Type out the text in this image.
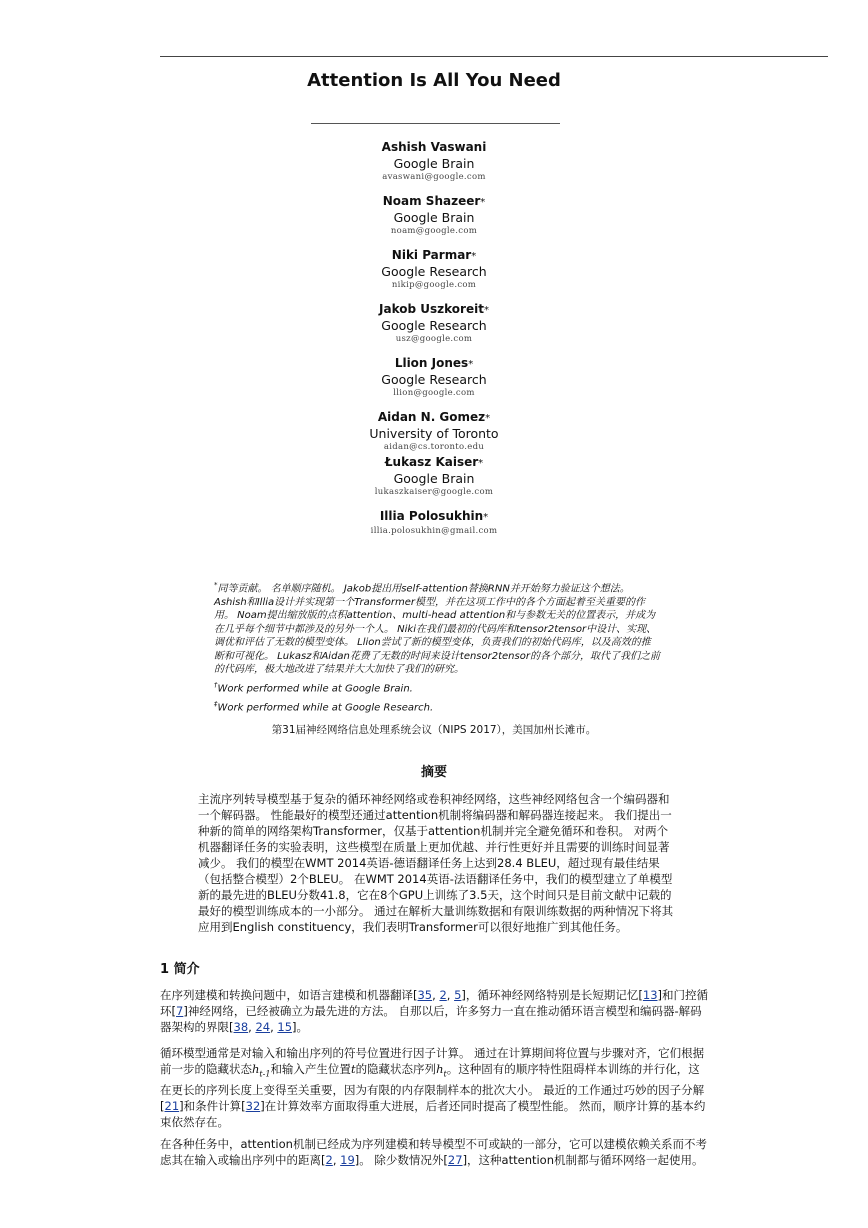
Attention Is All You Need
Ashish Vaswani
Google Brain
avaswani@google.com
Noam Shazeer*
Google Brain
noam@google.com
Niki Parmar*
Google Research
nikip@google.com
Jakob Uszkoreit*
Google Research
usz@google.com
Llion Jones*
Google Research
llion@google.com
Aidan N. Gomez*
University of Toronto
aidan@cs.toronto.edu
Łukasz Kaiser*
Google Brain
lukaszkaiser@google.com
Illia Polosukhin*
illia.polosukhin@gmail.com

*同等贡献。 名单顺序随机。 Jakob提出用self-attention替换RNN并开始努力验证这个想法。 Ashish和Illia设计并实现第一个Transformer模型，并在这项工作中的各个方面起着至关重要的作用。 Noam提出缩放版的点积attention、multi-head attention和与参数无关的位置表示，并成为在几乎每个细节中都涉及的另外一个人。 Niki在我们最初的代码库和tensor2tensor中设计、实现、调优和评估了无数的模型变体。 Llion尝试了新的模型变体，负责我们的初始代码库，以及高效的推断和可视化。 Lukasz和Aidan花费了无数的时间来设计tensor2tensor的各个部分，取代了我们之前的代码库，极大地改进了结果并大大加快了我们的研究。

†Work performed while at Google Brain.

‡Work performed while at Google Research.

第31届神经网络信息处理系统会议（NIPS 2017），美国加州长滩市。
摘要
主流序列转导模型基于复杂的循环神经网络或卷积神经网络，这些神经网络包含一个编码器和一个解码器。 性能最好的模型还通过attention机制将编码器和解码器连接起来。 我们提出一种新的简单的网络架构Transformer，仅基于attention机制并完全避免循环和卷积。 对两个机器翻译任务的实验表明，这些模型在质量上更加优越、并行性更好并且需要的训练时间显著减少。 我们的模型在WMT 2014英语-德语翻译任务上达到28.4 BLEU，超过现有最佳结果（包括整合模型）2个BLEU。 在WMT 2014英语-法语翻译任务中，我们的模型建立了单模型新的最先进的BLEU分数41.8，它在8个GPU上训练了3.5天，这个时间只是目前文献中记载的最好的模型训练成本的一小部分。 通过在解析大量训练数据和有限训练数据的两种情况下将其应用到English constituency，我们表明Transformer可以很好地推广到其他任务。
1 简介

在序列建模和转换问题中，如语言建模和机器翻译[35, 2, 5]，循环神经网络特别是长短期记忆[13]和门控循环[7]神经网络，已经被确立为最先进的方法。 自那以后，许多努力一直在推动循环语言模型和编码器-解码器架构的界限[38, 24, 15]。

循环模型通常是对输入和输出序列的符号位置进行因子计算。 通过在计算期间将位置与步骤对齐，它们根据前一步的隐藏状态$h_{t-1}$和输入产生位置t的隐藏状态序列$h_t$。这种固有的顺序特性阻碍样本训练的并行化，这在更长的序列长度上变得至关重要，因为有限的内存限制样本的批次大小。 最近的工作通过巧妙的因子分解[21]和条件计算[32]在计算效率方面取得重大进展，后者还同时提高了模型性能。 然而，顺序计算的基本约束依然存在。

在各种任务中，attention机制已经成为序列建模和转导模型不可或缺的一部分，它可以建模依赖关系而不考虑其在输入或输出序列中的距离[2, 19]。 除少数情况外[27]，这种attention机制都与循环网络一起使用。
